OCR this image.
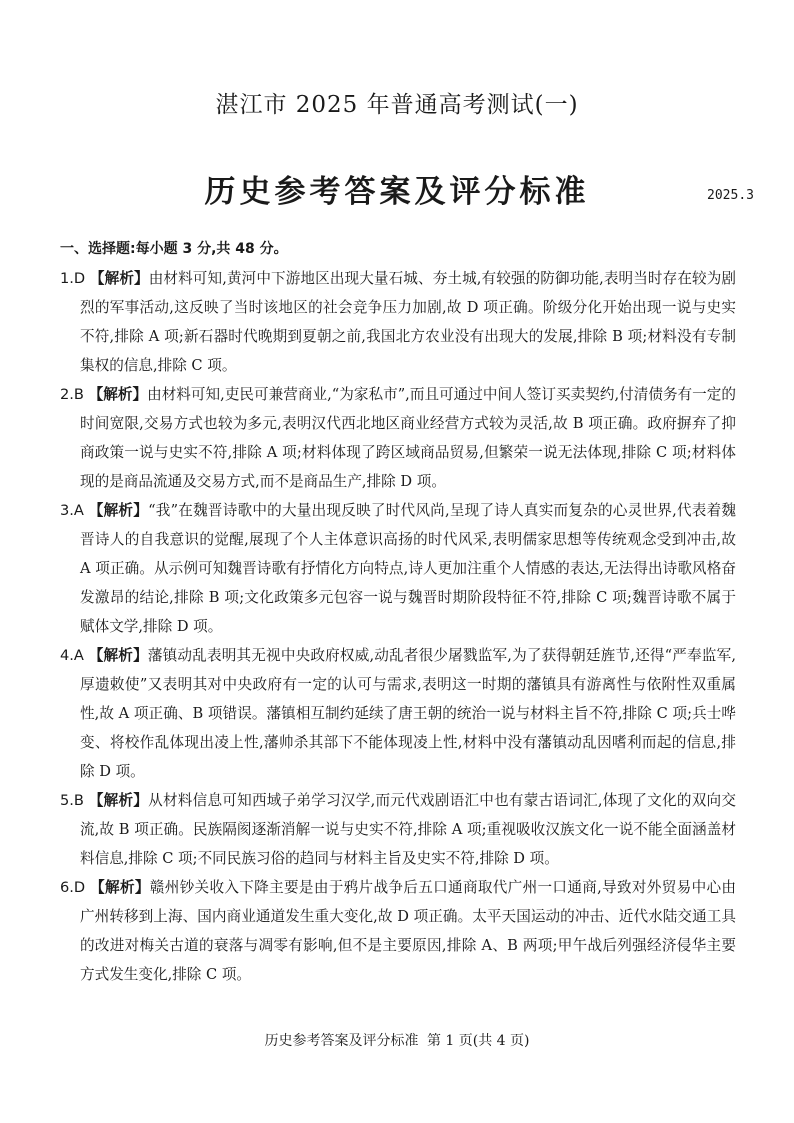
湛江市 2025 年普通高考测试(一)
历史参考答案及评分标准	2025.3
一、选择题:每小题 3 分,共 48 分。

1.D 【解析】由材料可知,黄河中下游地区出现大量石城、夯土城,有较强的防御功能,表明当时存在较为剧烈的军事活动,这反映了当时该地区的社会竞争压力加剧,故 D 项正确。阶级分化开始出现一说与史实不符,排除 A 项;新石器时代晚期到夏朝之前,我国北方农业没有出现大的发展,排除 B 项;材料没有专制集权的信息,排除 C 项。

2.B 【解析】由材料可知,吏民可兼营商业,“为家私市”,而且可通过中间人签订买卖契约,付清债务有一定的时间宽限,交易方式也较为多元,表明汉代西北地区商业经营方式较为灵活,故 B 项正确。政府摒弃了抑商政策一说与史实不符,排除 A 项;材料体现了跨区域商品贸易,但繁荣一说无法体现,排除 C 项;材料体现的是商品流通及交易方式,而不是商品生产,排除 D 项。

3.A 【解析】“我”在魏晋诗歌中的大量出现反映了时代风尚,呈现了诗人真实而复杂的心灵世界,代表着魏晋诗人的自我意识的觉醒,展现了个人主体意识高扬的时代风采,表明儒家思想等传统观念受到冲击,故 A 项正确。从示例可知魏晋诗歌有抒情化方向特点,诗人更加注重个人情感的表达,无法得出诗歌风格奋发激昂的结论,排除 B 项;文化政策多元包容一说与魏晋时期阶段特征不符,排除 C 项;魏晋诗歌不属于赋体文学,排除 D 项。

4.A 【解析】藩镇动乱表明其无视中央政府权威,动乱者很少屠戮监军,为了获得朝廷旌节,还得“严奉监军,厚遗敕使”又表明其对中央政府有一定的认可与需求,表明这一时期的藩镇具有游离性与依附性双重属性,故 A 项正确、B 项错误。藩镇相互制约延续了唐王朝的统治一说与材料主旨不符,排除 C 项;兵士哗变、将校作乱体现出凌上性,藩帅杀其部下不能体现凌上性,材料中没有藩镇动乱因嗜利而起的信息,排除 D 项。

5.B 【解析】从材料信息可知西域子弟学习汉学,而元代戏剧语汇中也有蒙古语词汇,体现了文化的双向交流,故 B 项正确。民族隔阂逐渐消解一说与史实不符,排除 A 项;重视吸收汉族文化一说不能全面涵盖材料信息,排除 C 项;不同民族习俗的趋同与材料主旨及史实不符,排除 D 项。

6.D 【解析】赣州钞关收入下降主要是由于鸦片战争后五口通商取代广州一口通商,导致对外贸易中心由广州转移到上海、国内商业通道发生重大变化,故 D 项正确。太平天国运动的冲击、近代水陆交通工具的改进对梅关古道的衰落与凋零有影响,但不是主要原因,排除 A、B 两项;甲午战后列强经济侵华主要方式发生变化,排除 C 项。

历史参考答案及评分标准 第 1 页(共 4 页)
